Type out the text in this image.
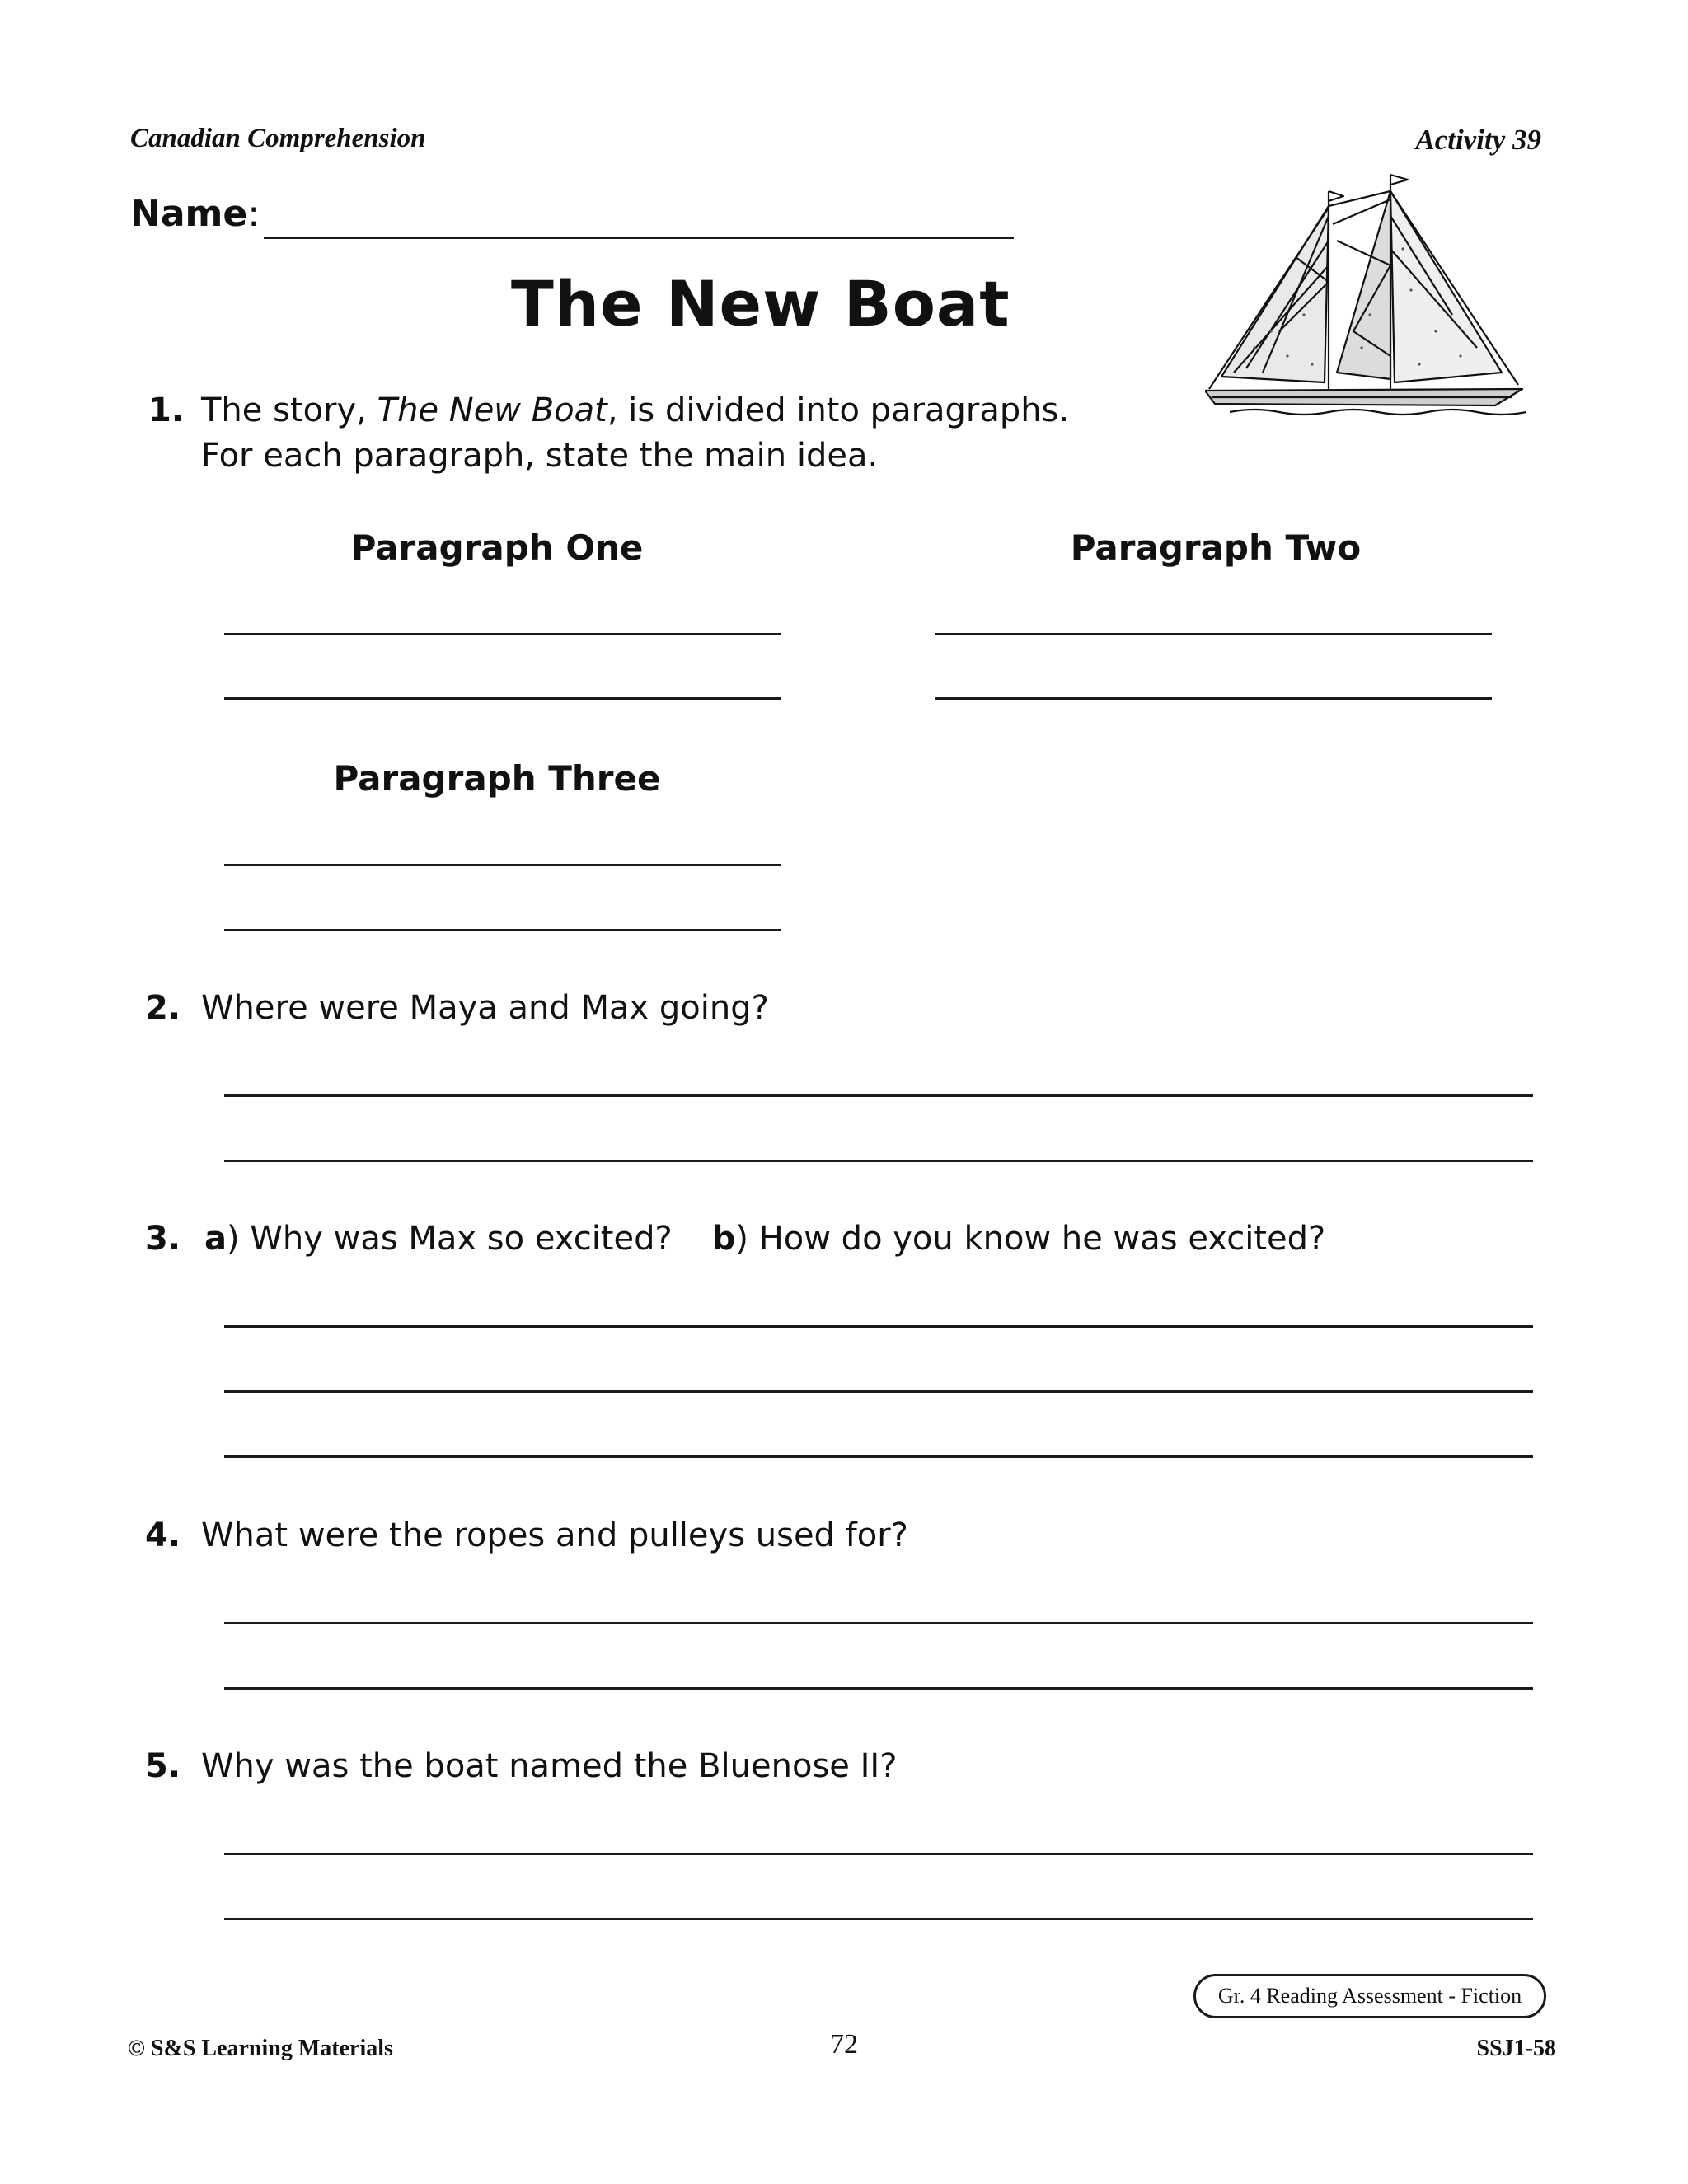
Canadian Comprehension	Activity 39
Name:
The New Boat
1. The story, The New Boat, is divided into paragraphs.
For each paragraph, state the main idea.
Paragraph One	Paragraph Two
Paragraph Three
2. Where were Maya and Max going?
3. a) Why was Max so excited? b) How do you know he was excited?
4. What were the ropes and pulleys used for?
5. Why was the boat named the Bluenose II?
Gr. 4 Reading Assessment - Fiction
© S&S Learning Materials	72	SSJ1-58
